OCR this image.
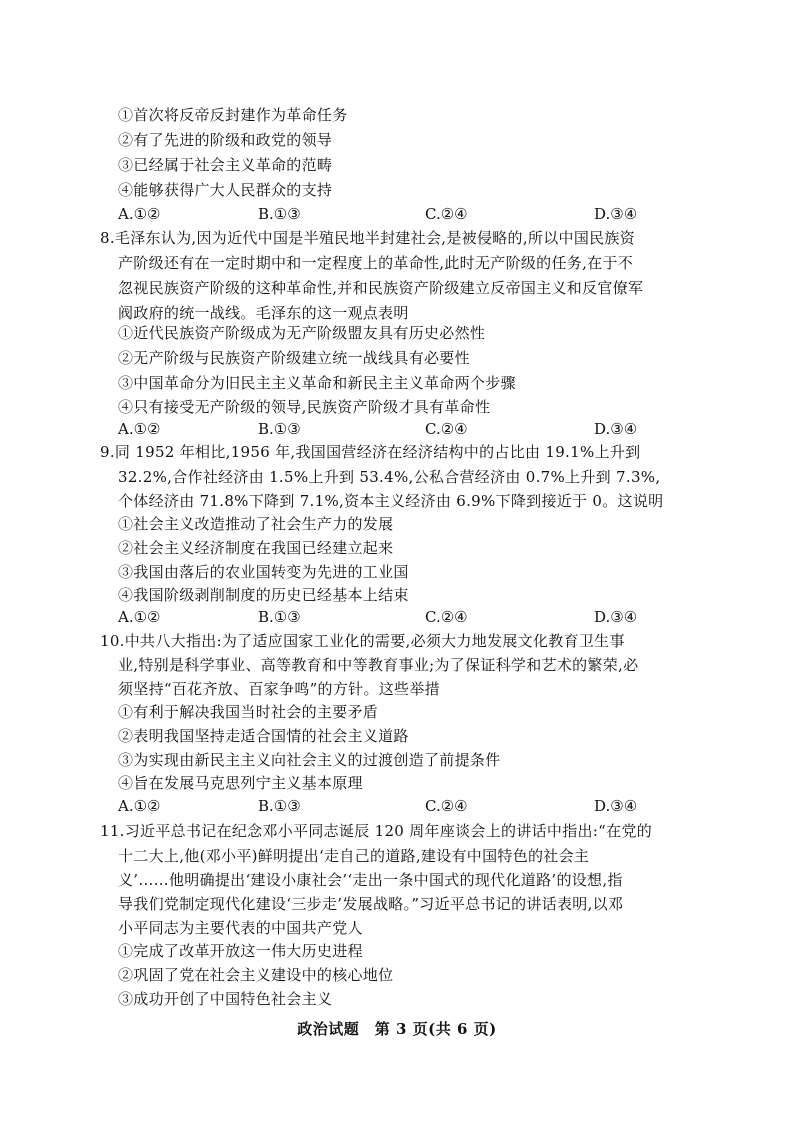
①首次将反帝反封建作为革命任务
②有了先进的阶级和政党的领导
③已经属于社会主义革命的范畴
④能够获得广大人民群众的支持
A.①②	B.①③	C.②④	D.③④
8.毛泽东认为,因为近代中国是半殖民地半封建社会,是被侵略的,所以中国民族资
产阶级还有在一定时期中和一定程度上的革命性,此时无产阶级的任务,在于不
忽视民族资产阶级的这种革命性,并和民族资产阶级建立反帝国主义和反官僚军
阀政府的统一战线。毛泽东的这一观点表明
①近代民族资产阶级成为无产阶级盟友具有历史必然性
②无产阶级与民族资产阶级建立统一战线具有必要性
③中国革命分为旧民主主义革命和新民主主义革命两个步骤
④只有接受无产阶级的领导,民族资产阶级才具有革命性
A.①②	B.①③	C.②④	D.③④
9.同 1952 年相比,1956 年,我国国营经济在经济结构中的占比由 19.1%上升到
32.2%,合作社经济由 1.5%上升到 53.4%,公私合营经济由 0.7%上升到 7.3%,
个体经济由 71.8%下降到 7.1%,资本主义经济由 6.9%下降到接近于 0。这说明
①社会主义改造推动了社会生产力的发展
②社会主义经济制度在我国已经建立起来
③我国由落后的农业国转变为先进的工业国
④我国阶级剥削制度的历史已经基本上结束
A.①②	B.①③	C.②④	D.③④
10.中共八大指出:为了适应国家工业化的需要,必须大力地发展文化教育卫生事
业,特别是科学事业、高等教育和中等教育事业;为了保证科学和艺术的繁荣,必
须坚持“百花齐放、百家争鸣”的方针。这些举措
①有利于解决我国当时社会的主要矛盾
②表明我国坚持走适合国情的社会主义道路
③为实现由新民主主义向社会主义的过渡创造了前提条件
④旨在发展马克思列宁主义基本原理
A.①②	B.①③	C.②④	D.③④
11.习近平总书记在纪念邓小平同志诞辰 120 周年座谈会上的讲话中指出:“在党的
十二大上,他(邓小平)鲜明提出‘走自己的道路,建设有中国特色的社会主
义’……他明确提出‘建设小康社会’‘走出一条中国式的现代化道路’的设想,指
导我们党制定现代化建设‘三步走’发展战略。”习近平总书记的讲话表明,以邓
小平同志为主要代表的中国共产党人
①完成了改革开放这一伟大历史进程
②巩固了党在社会主义建设中的核心地位
③成功开创了中国特色社会主义
政治试题　第 3 页(共 6 页)
